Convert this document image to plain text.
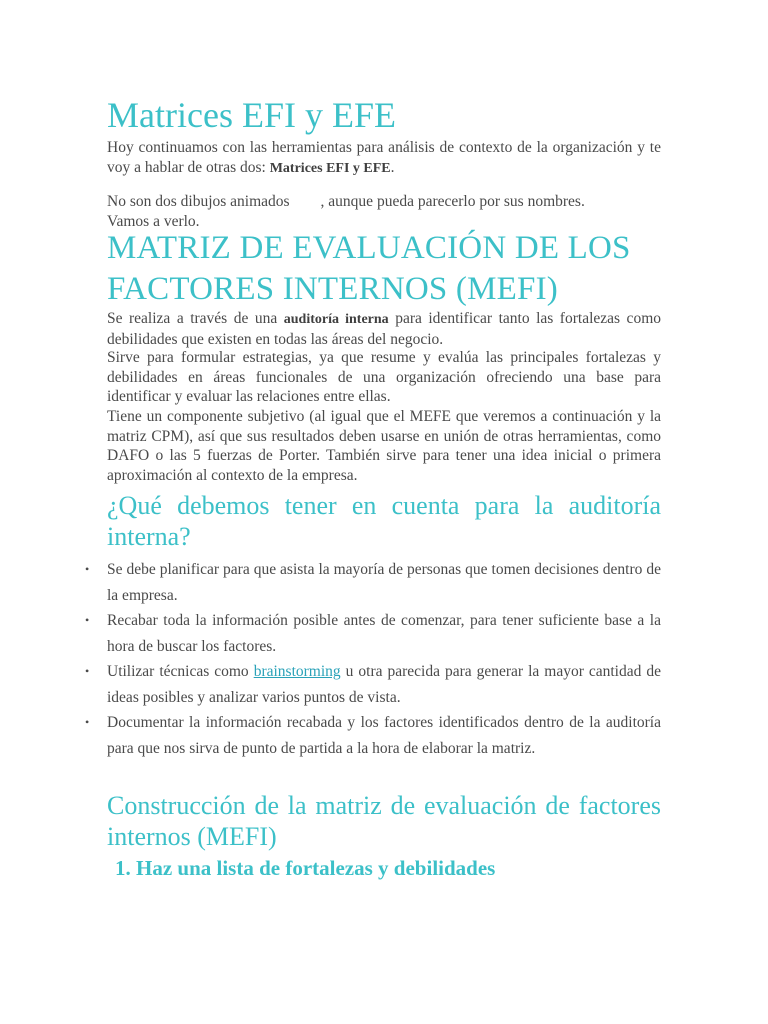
Matrices EFI y EFE

Hoy continuamos con las herramientas para análisis de contexto de la organización y te voy a hablar de otras dos: Matrices EFI y EFE.

No son dos dibujos animados        , aunque pueda parecerlo por sus nombres.
Vamos a verlo.

MATRIZ DE EVALUACIÓN DE LOS FACTORES INTERNOS (MEFI)

Se realiza a través de una auditoría interna para identificar tanto las fortalezas como debilidades que existen en todas las áreas del negocio.

Sirve para formular estrategias, ya que resume y evalúa las principales fortalezas y debilidades en áreas funcionales de una organización ofreciendo una base para identificar y evaluar las relaciones entre ellas.

Tiene un componente subjetivo (al igual que el MEFE que veremos a continuación y la matriz CPM), así que sus resultados deben usarse en unión de otras herramientas, como DAFO o las 5 fuerzas de Porter. También sirve para tener una idea inicial o primera aproximación al contexto de la empresa.

¿Qué debemos tener en cuenta para la auditoría interna?
• Se debe planificar para que asista la mayoría de personas que tomen decisiones dentro de la empresa.
• Recabar toda la información posible antes de comenzar, para tener suficiente base a la hora de buscar los factores.
• Utilizar técnicas como brainstorming u otra parecida para generar la mayor cantidad de ideas posibles y analizar varios puntos de vista.
• Documentar la información recabada y los factores identificados dentro de la auditoría para que nos sirva de punto de partida a la hora de elaborar la matriz.
Construcción de la matriz de evaluación de factores internos (MEFI)
1. Haz una lista de fortalezas y debilidades
